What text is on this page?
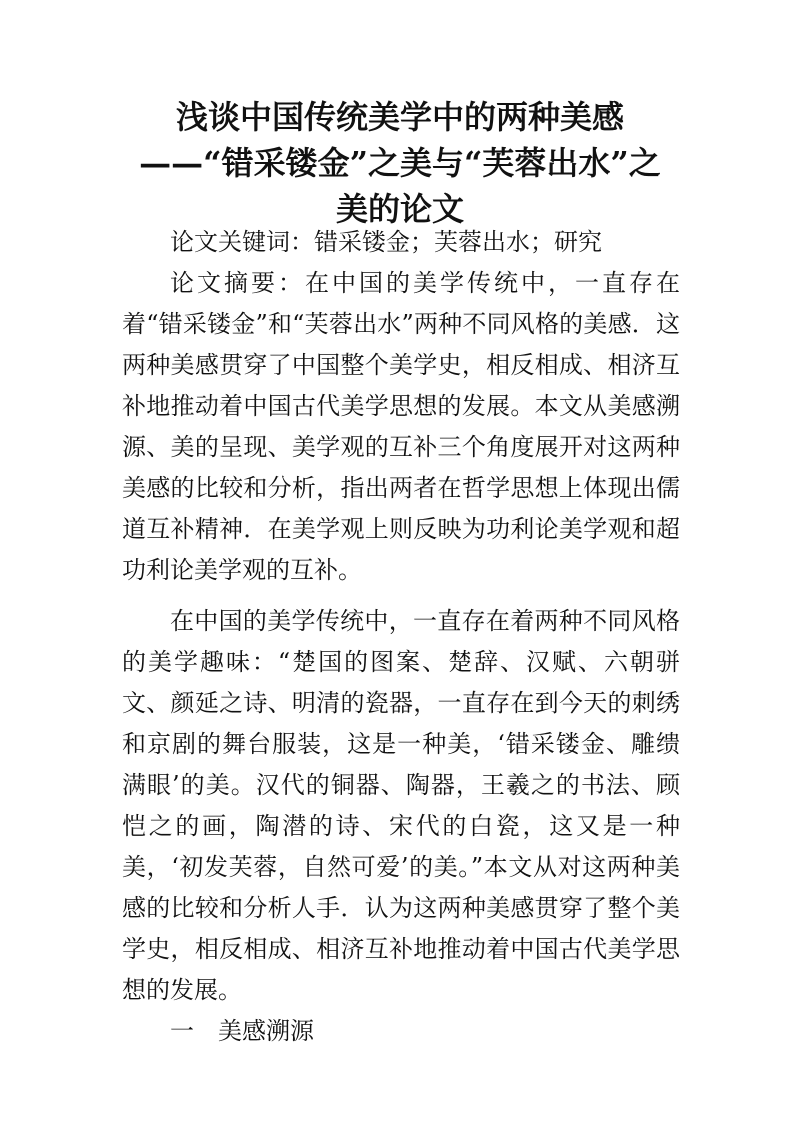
浅谈中国传统美学中的两种美感
——“错采镂金”之美与“芙蓉出水”之
美的论文

论文关键词：错采镂金；芙蓉出水；研究

论文摘要：在中国的美学传统中，一直存在着“错采镂金”和“芙蓉出水”两种不同风格的美感．这两种美感贯穿了中国整个美学史，相反相成、相济互补地推动着中国古代美学思想的发展。本文从美感溯源、美的呈现、美学观的互补三个角度展开对这两种美感的比较和分析，指出两者在哲学思想上体现出儒道互补精神．在美学观上则反映为功利论美学观和超功利论美学观的互补。

在中国的美学传统中，一直存在着两种不同风格的美学趣味：“楚国的图案、楚辞、汉赋、六朝骈文、颜延之诗、明清的瓷器，一直存在到今天的刺绣和京剧的舞台服装，这是一种美，‘错采镂金、雕缋满眼’的美。汉代的铜器、陶器，王羲之的书法、顾恺之的画，陶潜的诗、宋代的白瓷，这又是一种美，‘初发芙蓉，自然可爱’的美。”本文从对这两种美感的比较和分析人手．认为这两种美感贯穿了整个美学史，相反相成、相济互补地推动着中国古代美学思想的发展。

一 美感溯源
